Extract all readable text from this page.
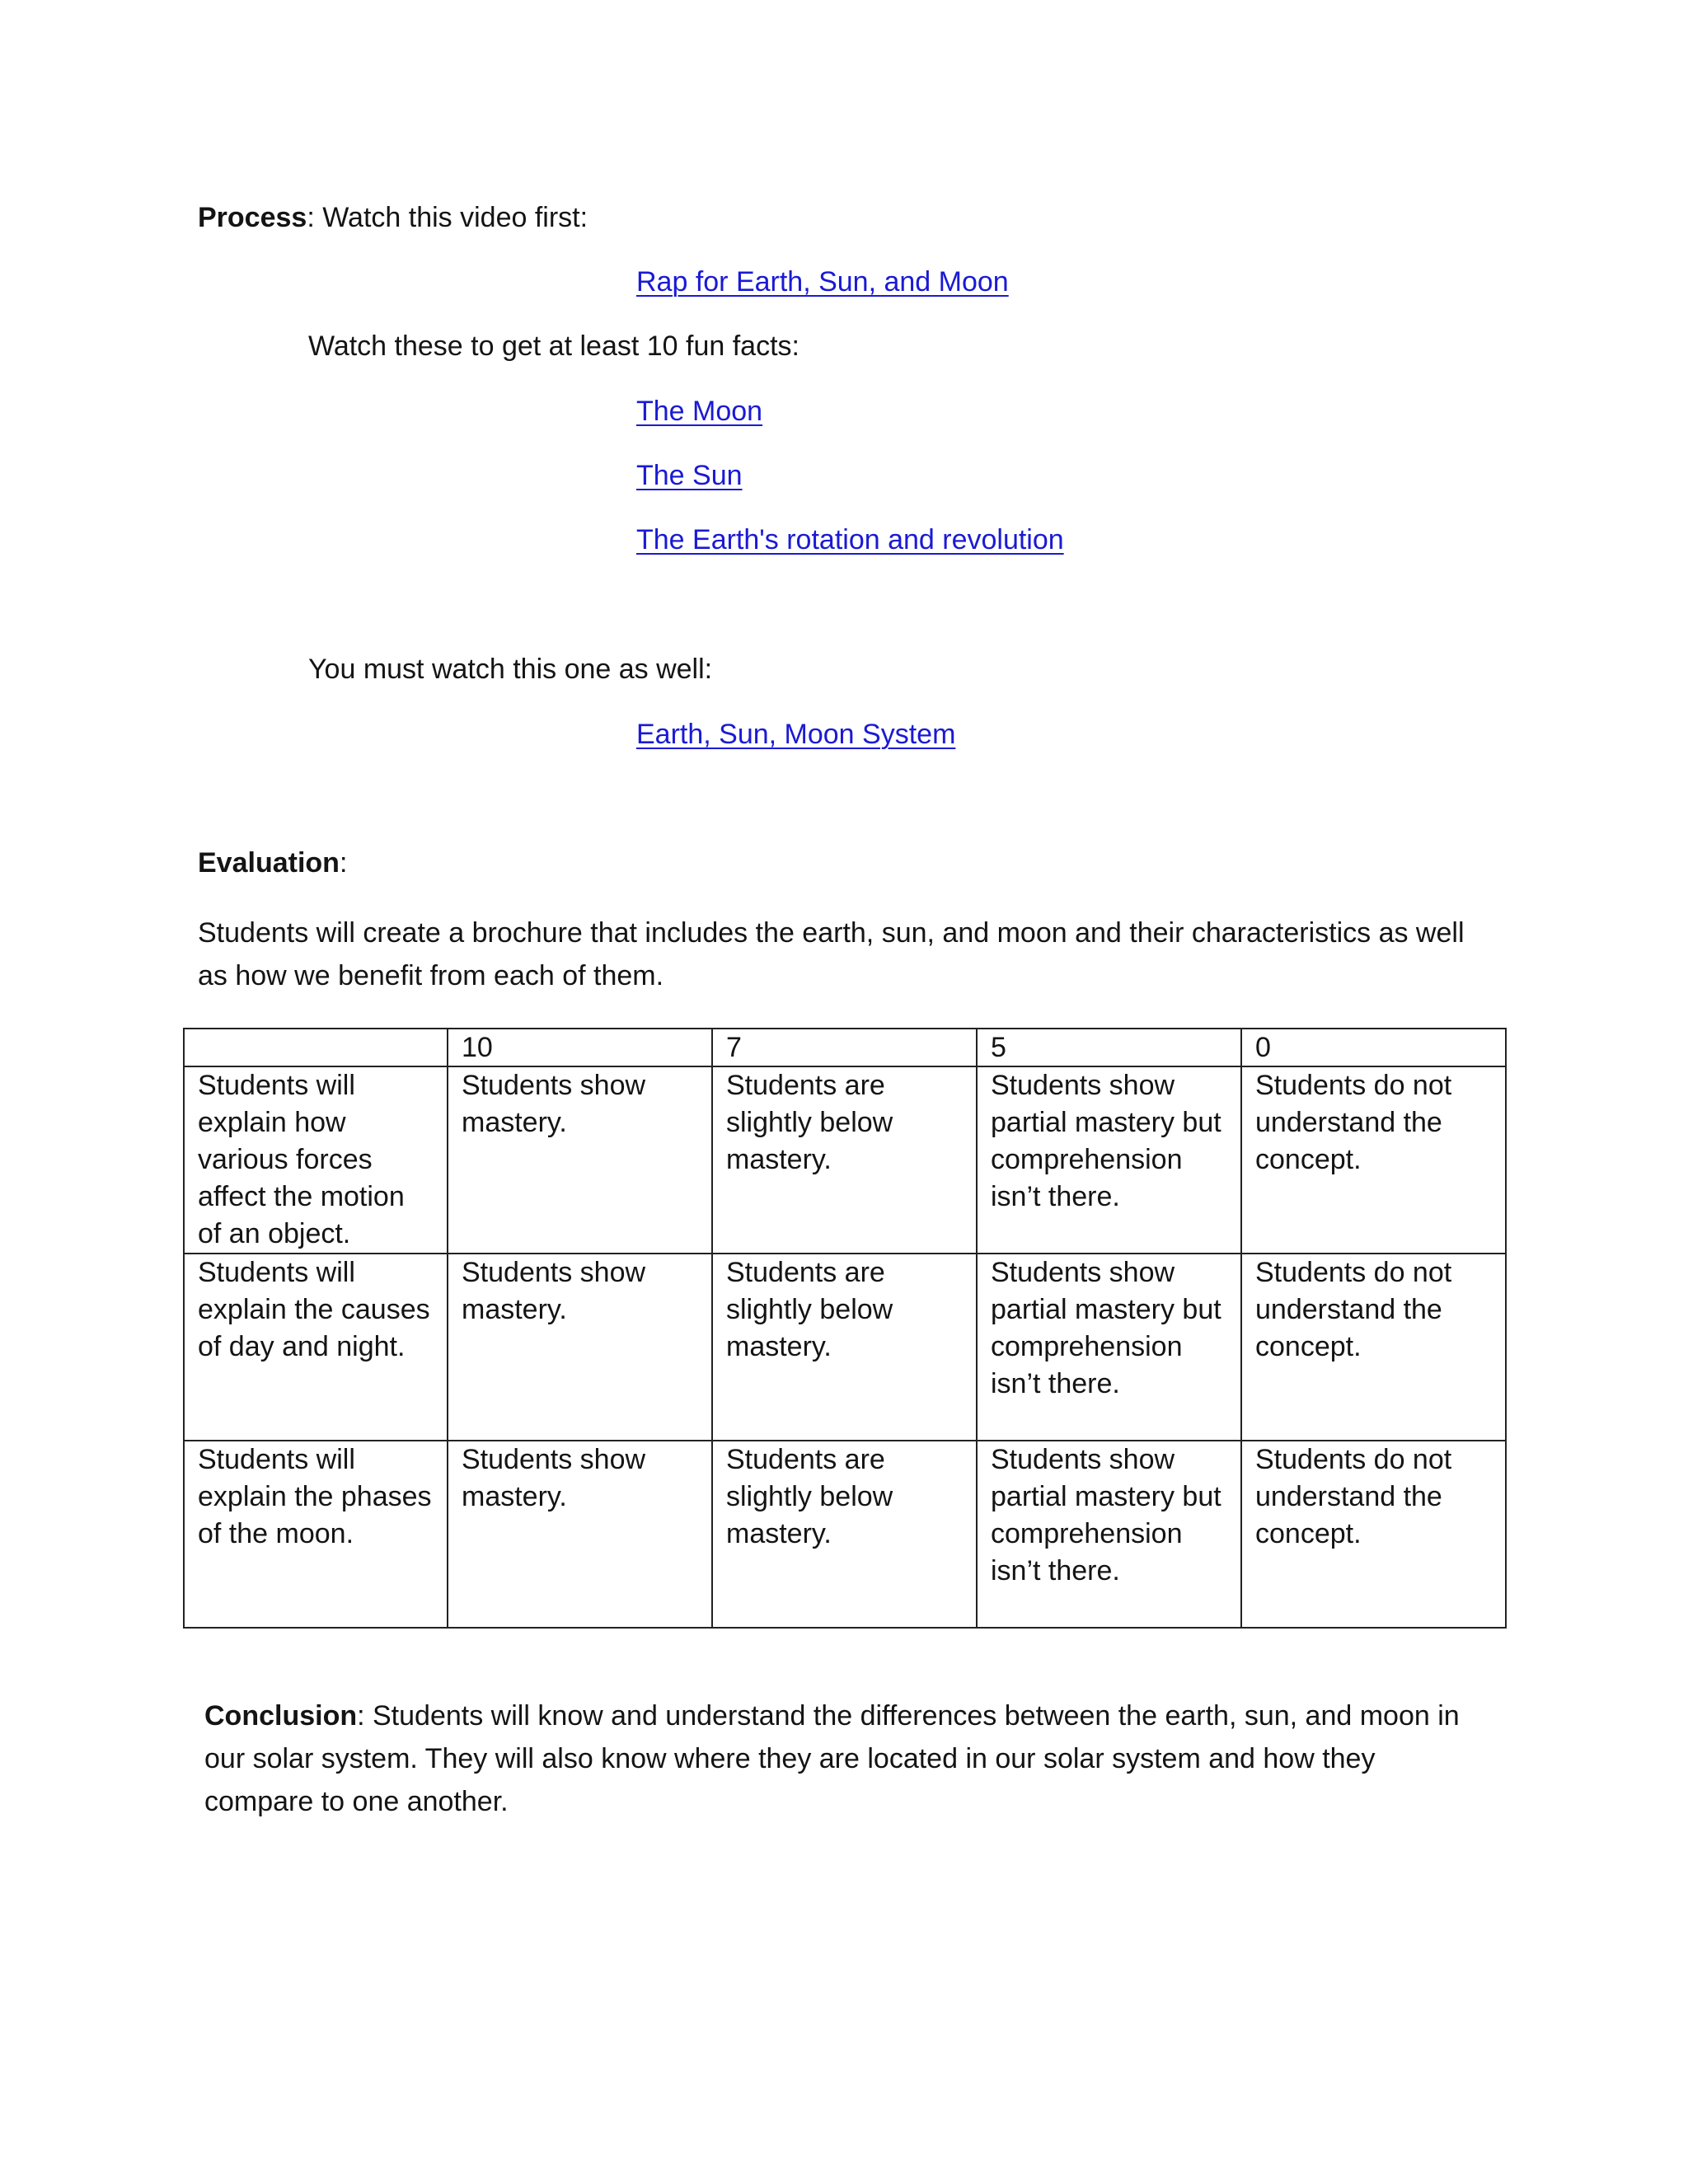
Process: Watch this video first:
Rap for Earth, Sun, and Moon
Watch these to get at least 10 fun facts:
The Moon
The Sun
The Earth's rotation and revolution
You must watch this one as well:
Earth, Sun, Moon System
Evaluation:
Students will create a brochure that includes the earth, sun, and moon and their characteristics as well as how we benefit from each of them.
	10	7	5	0
Students will explain how various forces affect the motion of an object.	Students show mastery.	Students are slightly below mastery.	Students show partial mastery but comprehension isn’t there.	Students do not understand the concept.
Students will explain the causes of day and night.	Students show mastery.	Students are slightly below mastery.	Students show partial mastery but comprehension isn’t there.	Students do not understand the concept.
Students will explain the phases of the moon.	Students show mastery.	Students are slightly below mastery.	Students show partial mastery but comprehension isn’t there.	Students do not understand the concept.
Conclusion: Students will know and understand the differences between the earth, sun, and moon in our solar system. They will also know where they are located in our solar system and how they compare to one another.
